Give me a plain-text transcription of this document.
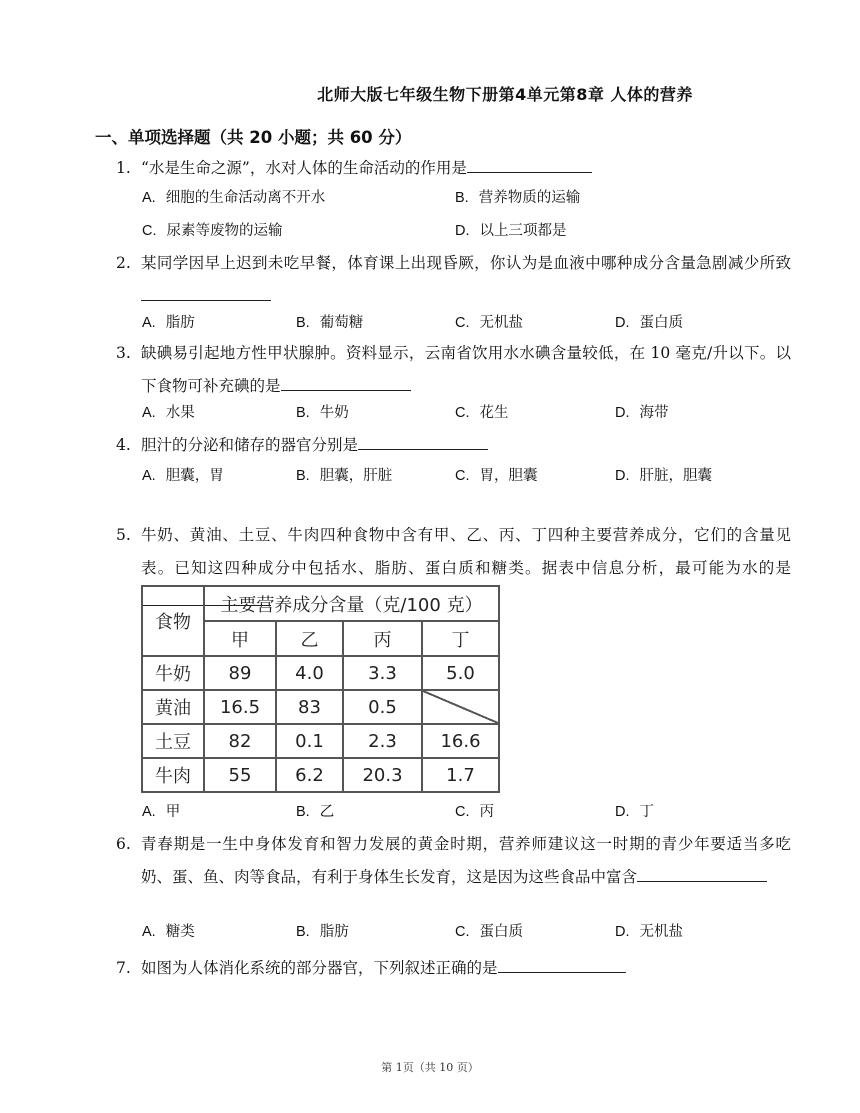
北师大版七年级生物下册第4单元第8章 人体的营养
一、单项选择题（共 20 小题；共 60 分）
1. “水是生命之源”，水对人体的生命活动的作用是
A. 细胞的生命活动离不开水	B. 营养物质的运输
C. 尿素等废物的运输	D. 以上三项都是
2. 某同学因早上迟到未吃早餐，体育课上出现昏厥，你认为是血液中哪种成分含量急剧减少所致
A. 脂肪	B. 葡萄糖	C. 无机盐	D. 蛋白质
3. 缺碘易引起地方性甲状腺肿。资料显示，云南省饮用水水碘含量较低，在 10 毫克/升以下。以下食物可补充碘的是
A. 水果	B. 牛奶	C. 花生	D. 海带
4. 胆汁的分泌和储存的器官分别是
A. 胆囊，胃	B. 胆囊，肝脏	C. 胃，胆囊	D. 肝脏，胆囊
5. 牛奶、黄油、土豆、牛肉四种食物中含有甲、乙、丙、丁四种主要营养成分，它们的含量见表。已知这四种成分中包括水、脂肪、蛋白质和糖类。据表中信息分析，最可能为水的是
食物	主要营养成分含量（克/100 克）			
	甲	乙	丙	丁
牛奶	89	4.0	3.3	5.0
黄油	16.5	83	0.5	
土豆	82	0.1	2.3	16.6
牛肉	55	6.2	20.3	1.7
A. 甲	B. 乙	C. 丙	D. 丁
6. 青春期是一生中身体发育和智力发展的黄金时期，营养师建议这一时期的青少年要适当多吃奶、蛋、鱼、肉等食品，有利于身体生长发育，这是因为这些食品中富含
A. 糖类	B. 脂肪	C. 蛋白质	D. 无机盐
7. 如图为人体消化系统的部分器官，下列叙述正确的是
第 1页（共 10 页）
